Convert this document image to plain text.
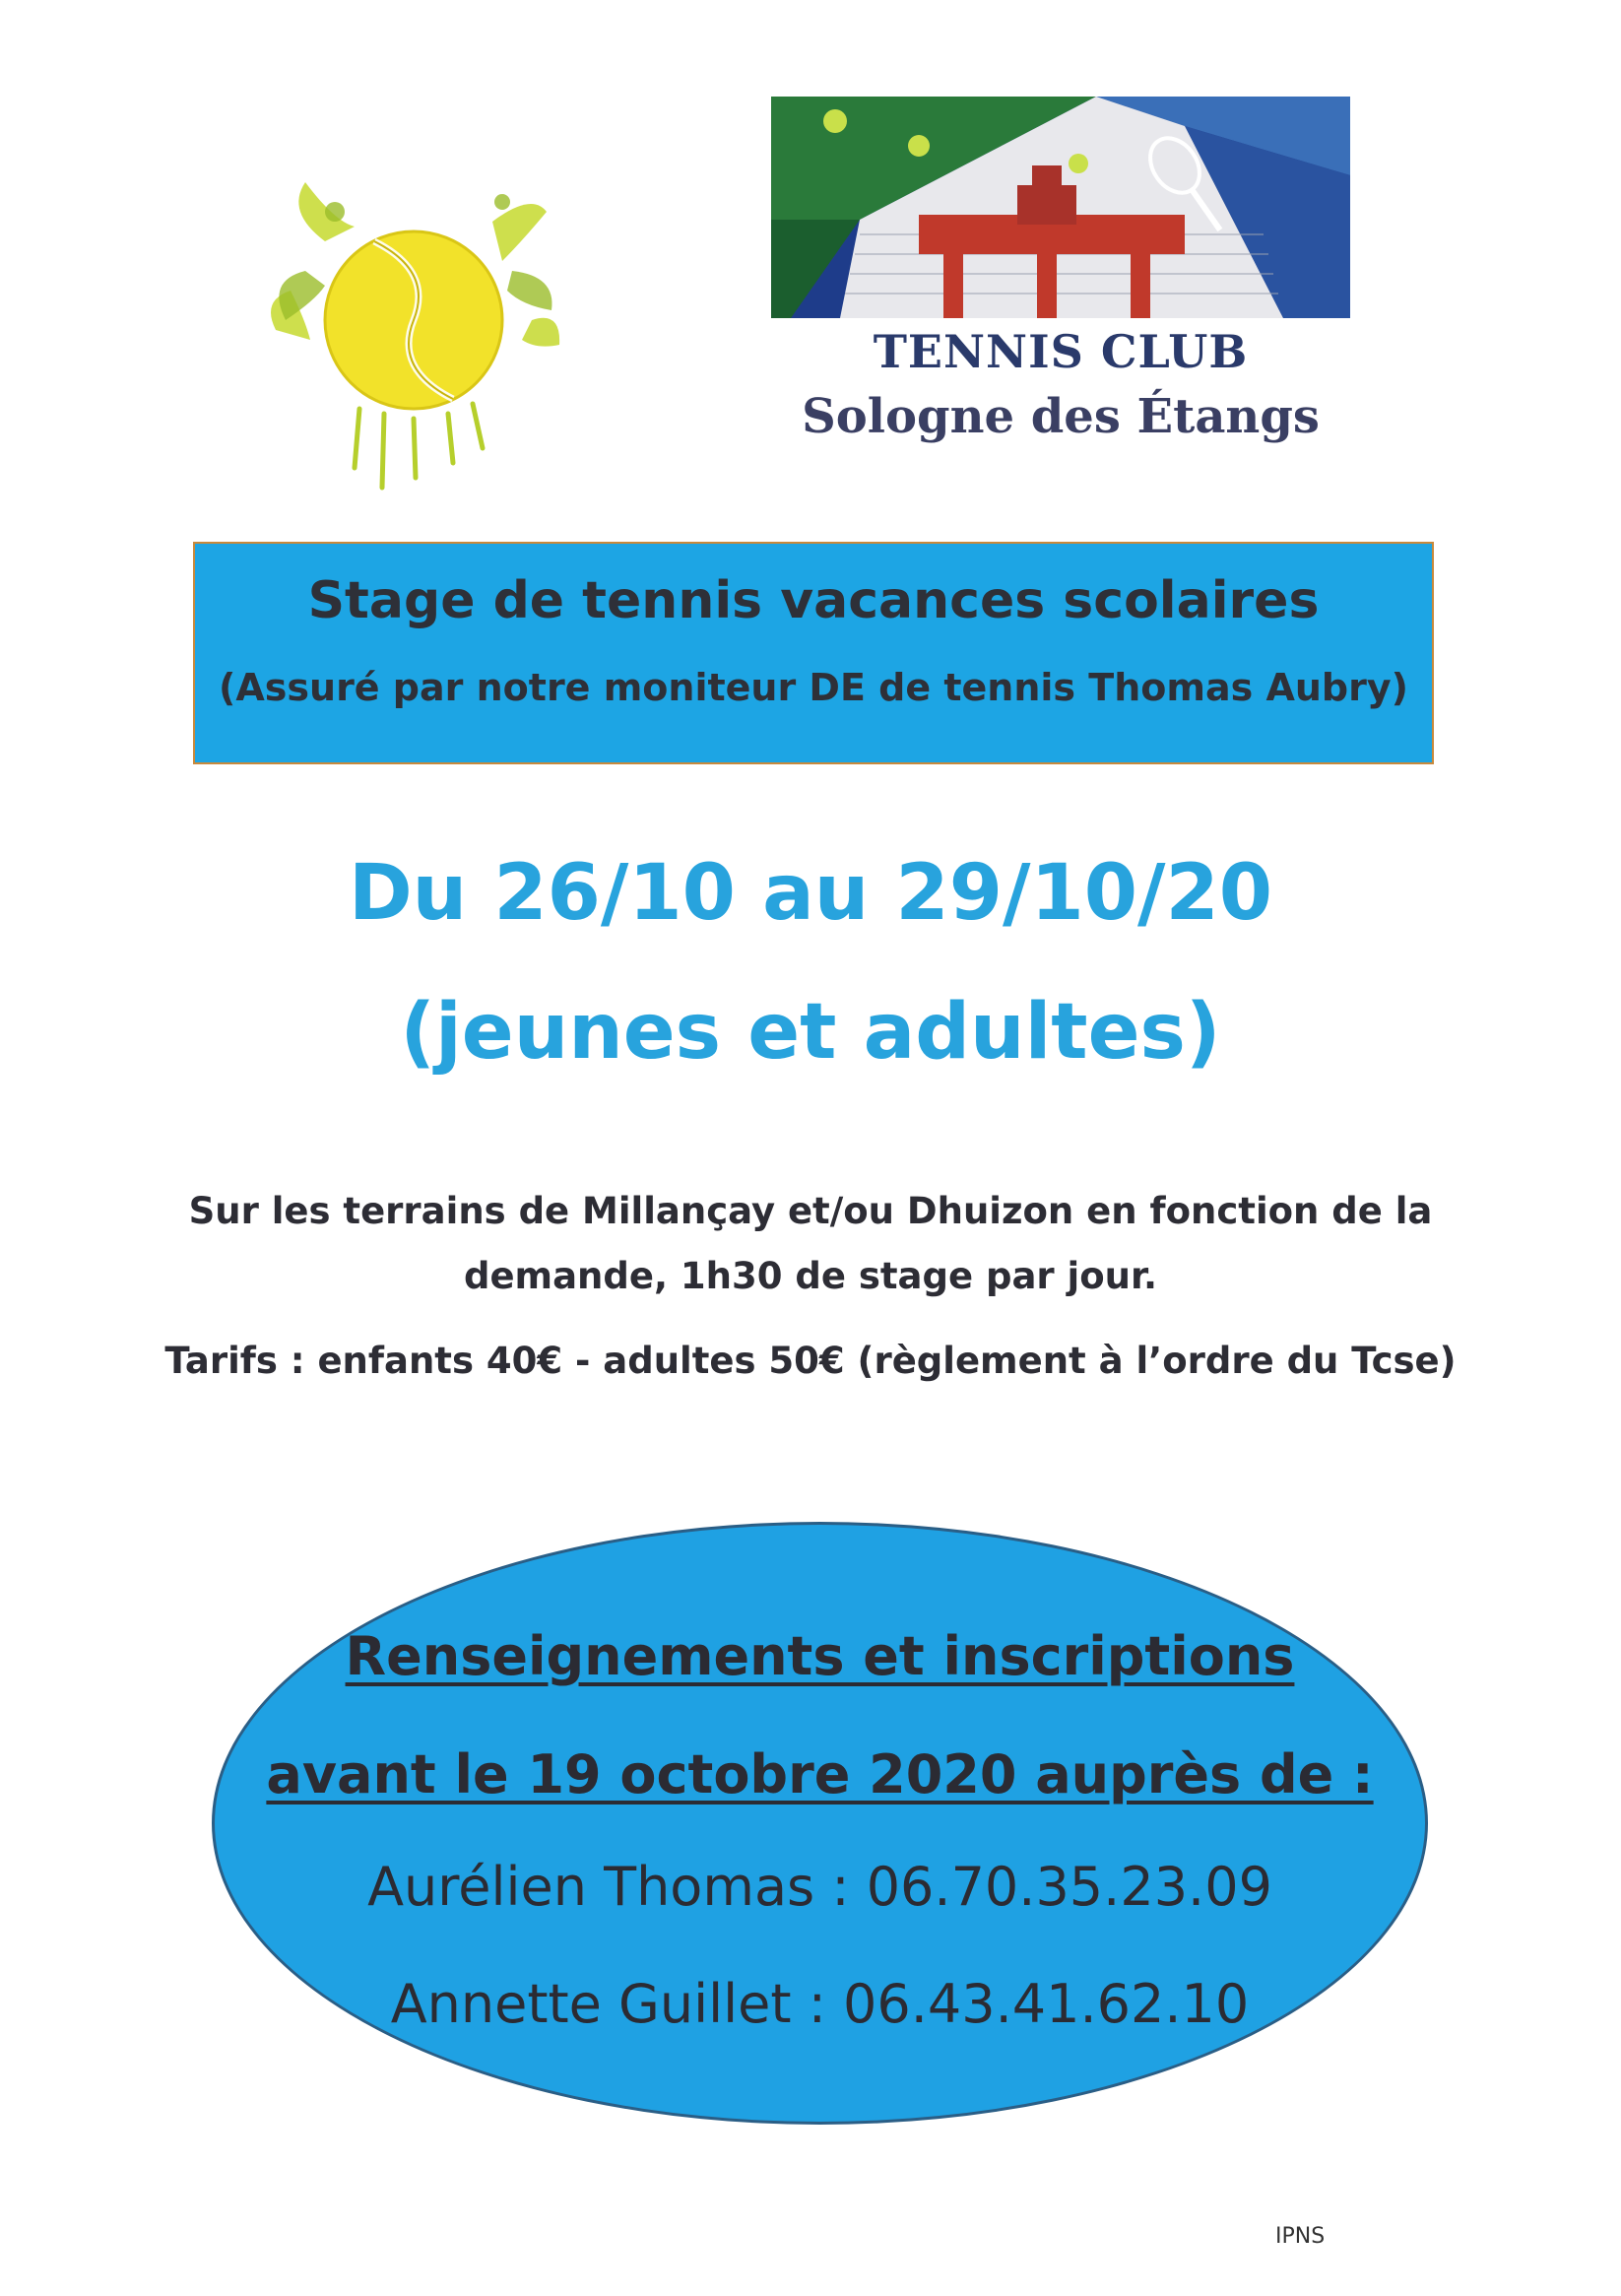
TENNIS CLUB
Sologne des Étangs
Stage de tennis vacances scolaires
(Assuré par notre moniteur DE de tennis Thomas Aubry)
Du 26/10 au 29/10/20
(jeunes et adultes)
Sur les terrains de Millançay et/ou Dhuizon en fonction de la
demande, 1h30 de stage par jour.
Tarifs : enfants 40€ - adultes 50€ (règlement à l’ordre du Tcse)
Renseignements et inscriptions
avant le 19 octobre 2020 auprès de :
Aurélien Thomas : 06.70.35.23.09
Annette Guillet : 06.43.41.62.10
IPNS
